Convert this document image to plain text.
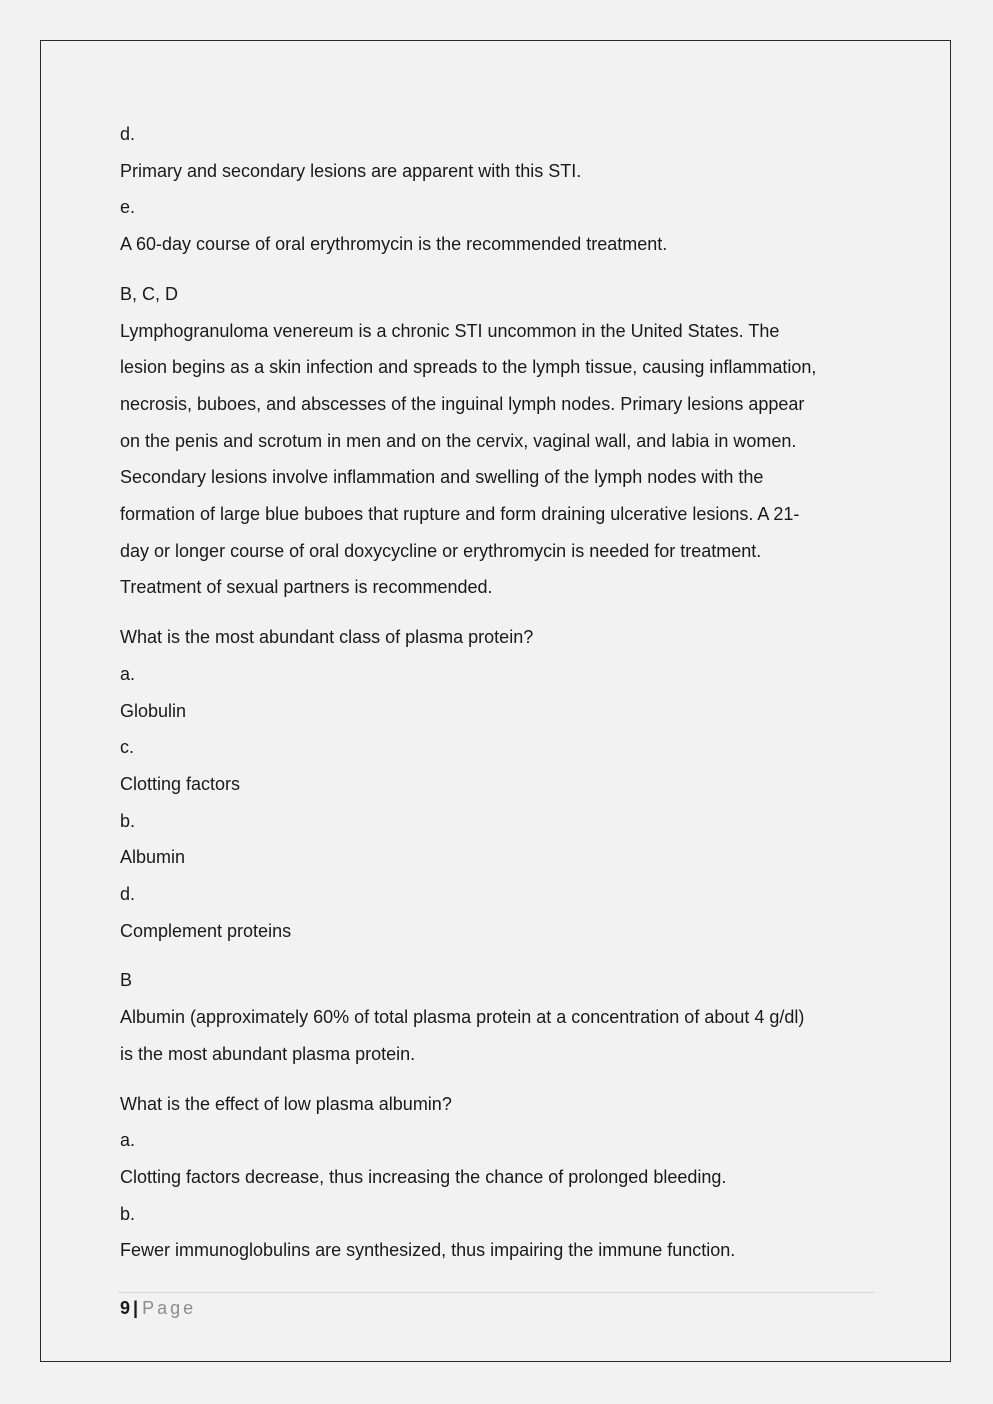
d.

Primary and secondary lesions are apparent with this STI.

e.

A 60-day course of oral erythromycin is the recommended treatment.

B, C, D

Lymphogranuloma venereum is a chronic STI uncommon in the United States. The

lesion begins as a skin infection and spreads to the lymph tissue, causing inflammation,

necrosis, buboes, and abscesses of the inguinal lymph nodes. Primary lesions appear

on the penis and scrotum in men and on the cervix, vaginal wall, and labia in women.

Secondary lesions involve inflammation and swelling of the lymph nodes with the

formation of large blue buboes that rupture and form draining ulcerative lesions. A 21-

day or longer course of oral doxycycline or erythromycin is needed for treatment.

Treatment of sexual partners is recommended.

What is the most abundant class of plasma protein?

a.

Globulin

c.

Clotting factors

b.

Albumin

d.

Complement proteins

B

Albumin (approximately 60% of total plasma protein at a concentration of about 4 g/dl)

is the most abundant plasma protein.

What is the effect of low plasma albumin?

a.

Clotting factors decrease, thus increasing the chance of prolonged bleeding.

b.

Fewer immunoglobulins are synthesized, thus impairing the immune function.

9 | Page
